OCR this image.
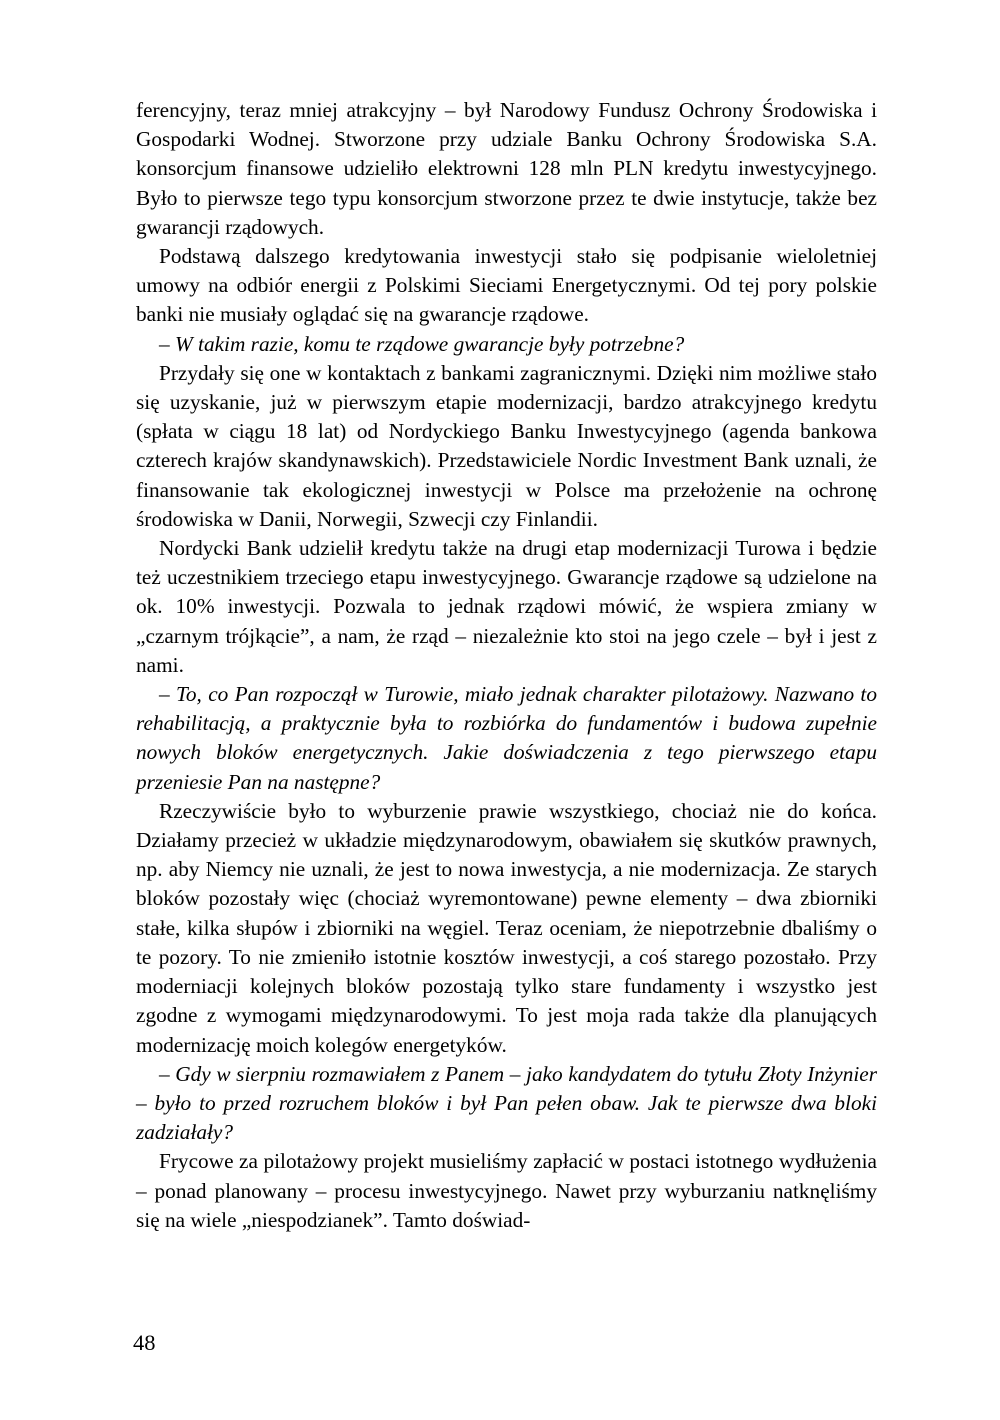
ferencyjny, teraz mniej atrakcyjny – był Narodowy Fundusz Ochrony Środowiska i Gospodarki Wodnej. Stworzone przy udziale Banku Ochrony Środowiska S.A. konsorcjum finansowe udzieliło elektrowni 128 mln PLN kredytu inwestycyjnego. Było to pierwsze tego typu konsorcjum stworzone przez te dwie instytucje, także bez gwarancji rządowych.

Podstawą dalszego kredytowania inwestycji stało się podpisanie wieloletniej umowy na odbiór energii z Polskimi Sieciami Energetycznymi. Od tej pory polskie banki nie musiały oglądać się na gwarancje rządowe.

– W takim razie, komu te rządowe gwarancje były potrzebne?

Przydały się one w kontaktach z bankami zagranicznymi. Dzięki nim możliwe stało się uzyskanie, już w pierwszym etapie modernizacji, bardzo atrakcyjnego kredytu (spłata w ciągu 18 lat) od Nordyckiego Banku Inwestycyjnego (agenda bankowa czterech krajów skandynawskich). Przedstawiciele Nordic Investment Bank uznali, że finansowanie tak ekologicznej inwestycji w Polsce ma przełożenie na ochronę środowiska w Danii, Norwegii, Szwecji czy Finlandii.

Nordycki Bank udzielił kredytu także na drugi etap modernizacji Turowa i będzie też uczestnikiem trzeciego etapu inwestycyjnego. Gwarancje rządowe są udzielone na ok. 10% inwestycji. Pozwala to jednak rządowi mówić, że wspiera zmiany w „czarnym trójkącie”, a nam, że rząd – niezależnie kto stoi na jego czele – był i jest z nami.

– To, co Pan rozpoczął w Turowie, miało jednak charakter pilotażowy. Nazwano to rehabilitacją, a praktycznie była to rozbiórka do fundamentów i budowa zupełnie nowych bloków energetycznych. Jakie doświadczenia z tego pierwszego etapu przeniesie Pan na następne?

Rzeczywiście było to wyburzenie prawie wszystkiego, chociaż nie do końca. Działamy przecież w układzie międzynarodowym, obawiałem się skutków prawnych, np. aby Niemcy nie uznali, że jest to nowa inwestycja, a nie modernizacja. Ze starych bloków pozostały więc (chociaż wyremontowane) pewne elementy – dwa zbiorniki stałe, kilka słupów i zbiorniki na węgiel. Teraz oceniam, że niepotrzebnie dbaliśmy o te pozory. To nie zmieniło istotnie kosztów inwestycji, a coś starego pozostało. Przy moderniacji kolejnych bloków pozostają tylko stare fundamenty i wszystko jest zgodne z wymogami międzynarodowymi. To jest moja rada także dla planujących modernizację moich kolegów energetyków.

– Gdy w sierpniu rozmawiałem z Panem – jako kandydatem do tytułu Złoty Inżynier – było to przed rozruchem bloków i był Pan pełen obaw. Jak te pierwsze dwa bloki zadziałały?

Frycowe za pilotażowy projekt musieliśmy zapłacić w postaci istotnego wydłużenia – ponad planowany – procesu inwestycyjnego. Nawet przy wyburzaniu natknęliśmy się na wiele „niespodzianek”. Tamto doświad-

48
